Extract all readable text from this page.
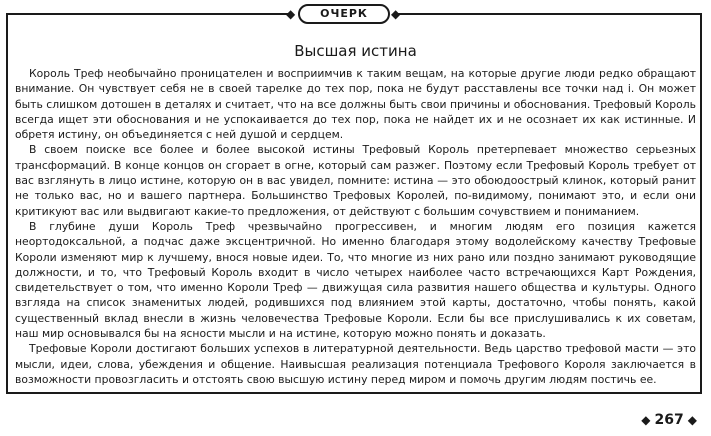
ОЧЕРК
◆	◆
Высшая истина

Король Треф необычайно проницателен и восприимчив к таким вещам, на которые другие люди редко обращают внимание. Он чувствует себя не в своей тарелке до тех пор, пока не будут расставлены все точки над i. Он может быть слишком дотошен в деталях и считает, что на все должны быть свои причины и обоснования. Трефовый Король всегда ищет эти обоснования и не успокаивается до тех пор, пока не найдет их и не осознает их как истинные. И обретя истину, он объединяется с ней душой и сердцем.

В своем поиске все более и более высокой истины Трефовый Король претерпевает множество серьезных трансформаций. В конце концов он сгорает в огне, который сам разжег. Поэтому если Трефовый Король требует от вас взглянуть в лицо истине, которую он в вас увидел, помните: истина — это обоюдоострый клинок, который ранит не только вас, но и вашего партнера. Большинство Трефовых Королей, по-видимому, понимают это, и если они критикуют вас или выдвигают какие-то предложения, от действуют с большим сочувствием и пониманием.

В глубине души Король Треф чрезвычайно прогрессивен, и многим людям его позиция кажется неортодоксальной, а подчас даже эксцентричной. Но именно благодаря этому водолейскому качеству Трефовые Короли изменяют мир к лучшему, внося новые идеи. То, что многие из них рано или поздно занимают руководящие должности, и то, что Трефовый Король входит в число четырех наиболее часто встречающихся Карт Рождения, свидетельствует о том, что именно Короли Треф — движущая сила развития нашего общества и культуры. Одного взгляда на список знаменитых людей, родившихся под влиянием этой карты, достаточно, чтобы понять, какой существенный вклад внесли в жизнь человечества Трефовые Короли. Если бы все прислушивались к их советам, наш мир основывался бы на ясности мысли и на истине, которую можно понять и доказать.

Трефовые Короли достигают больших успехов в литературной деятельности. Ведь царство трефовой масти — это мысли, идеи, слова, убеждения и общение. Наивысшая реализация потенциала Трефового Короля заключается в возможности провозгласить и отстоять свою высшую истину перед миром и помочь другим людям постичь ее.

◆ 267 ◆
